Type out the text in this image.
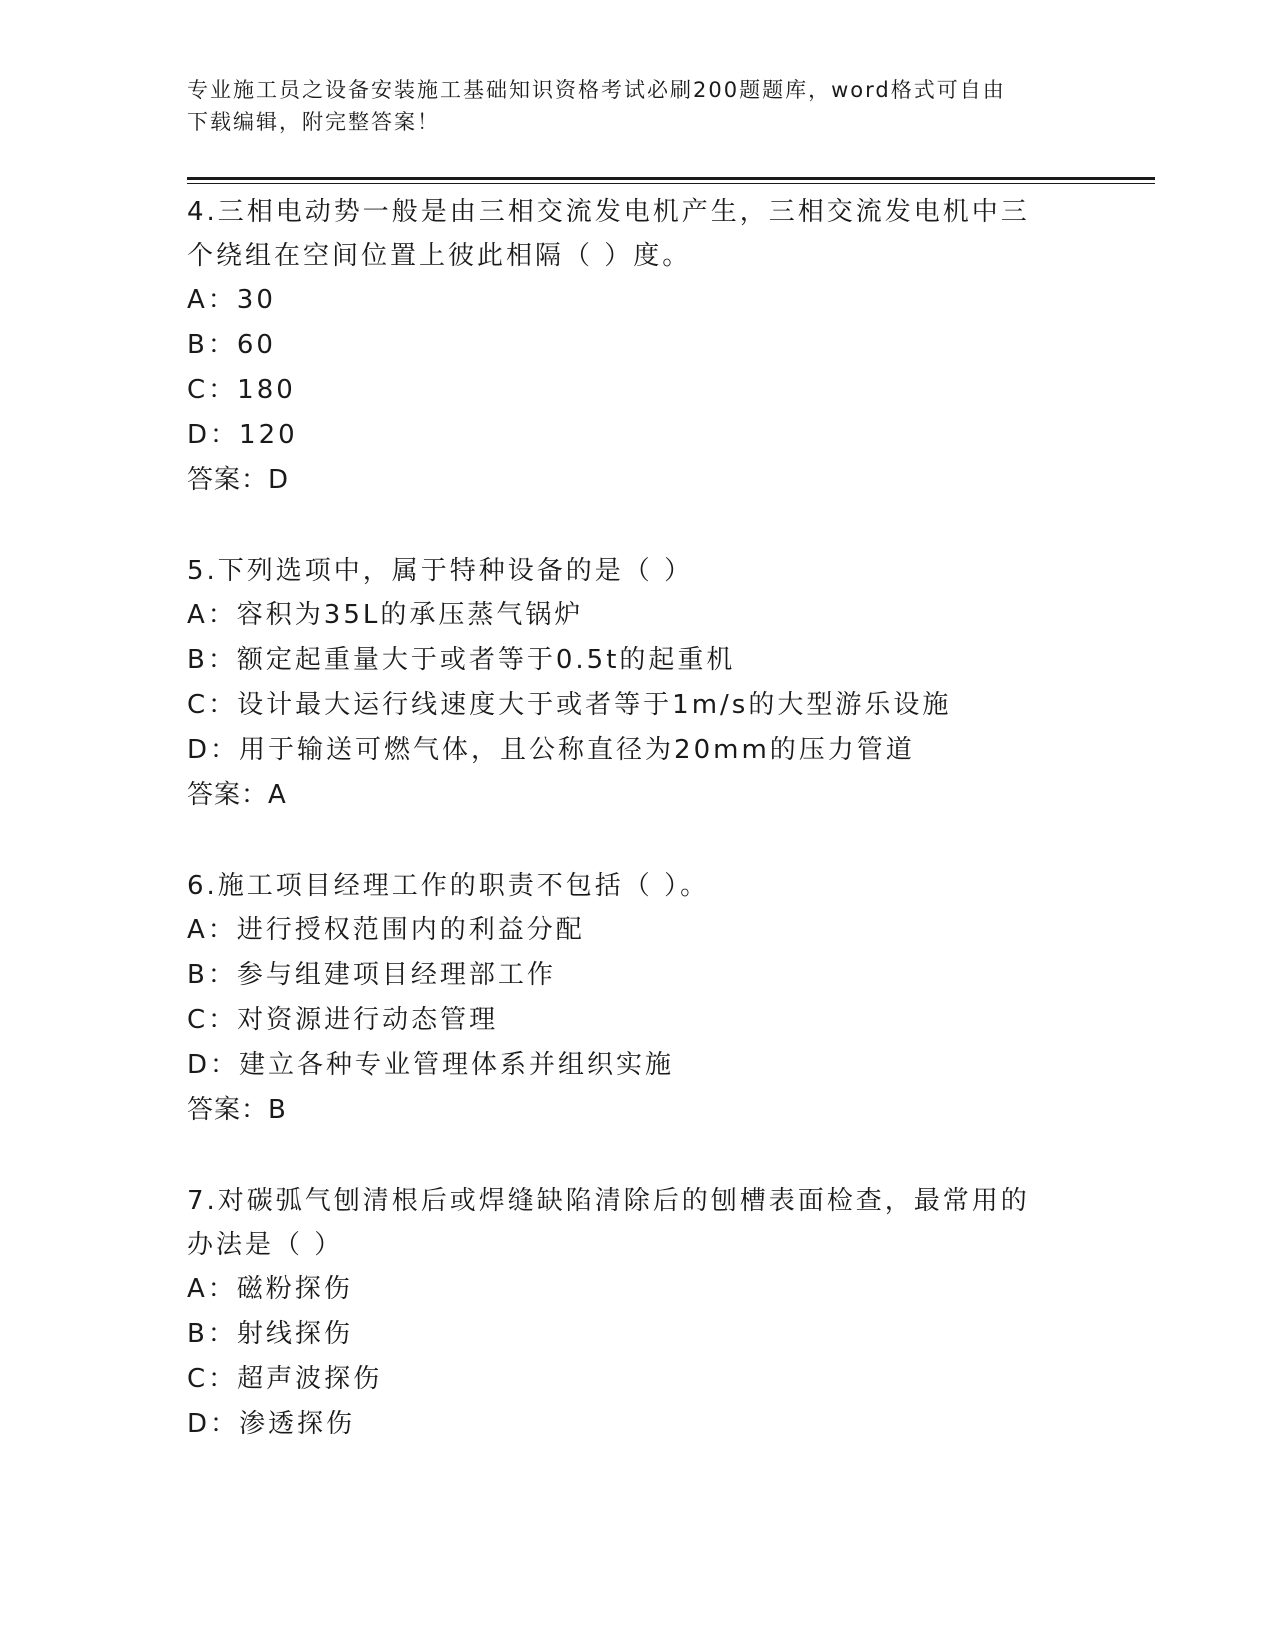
专业施工员之设备安装施工基础知识资格考试必刷200题题库，word格式可自由
下载编辑，附完整答案！
4.三相电动势一般是由三相交流发电机产生，三相交流发电机中三个绕组在空间位置上彼此相隔（ ）度。
A：30
B：60
C：180
D：120
答案：D
5.下列选项中，属于特种设备的是（ ）
A：容积为35L的承压蒸气锅炉
B：额定起重量大于或者等于0.5t的起重机
C：设计最大运行线速度大于或者等于1m/s的大型游乐设施
D：用于输送可燃气体，且公称直径为20mm的压力管道
答案：A
6.施工项目经理工作的职责不包括（ ）。
A：进行授权范围内的利益分配
B：参与组建项目经理部工作
C：对资源进行动态管理
D：建立各种专业管理体系并组织实施
答案：B
7.对碳弧气刨清根后或焊缝缺陷清除后的刨槽表面检查，最常用的办法是（ ）
A：磁粉探伤
B：射线探伤
C：超声波探伤
D：渗透探伤
